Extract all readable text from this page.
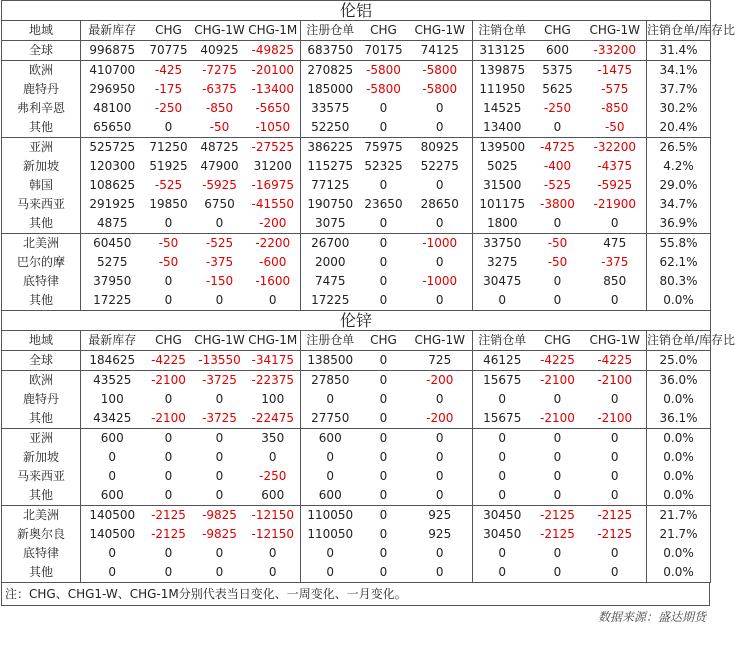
伦铝											
地域	最新库存	CHG	CHG-1W	CHG-1M	注册仓单	CHG	CHG-1W	注销仓单	CHG	CHG-1W	注销仓单/库存比
全球	996875	70775	40925	-49825	683750	70175	74125	313125	600	-33200	31.4%
欧洲	410700	-425	-7275	-20100	270825	-5800	-5800	139875	5375	-1475	34.1%
鹿特丹	296950	-175	-6375	-13400	185000	-5800	-5800	111950	5625	-575	37.7%
弗利辛恩	48100	-250	-850	-5650	33575	0	0	14525	-250	-850	30.2%
其他	65650	0	-50	-1050	52250	0	0	13400	0	-50	20.4%
亚洲	525725	71250	48725	-27525	386225	75975	80925	139500	-4725	-32200	26.5%
新加坡	120300	51925	47900	31200	115275	52325	52275	5025	-400	-4375	4.2%
韩国	108625	-525	-5925	-16975	77125	0	0	31500	-525	-5925	29.0%
马来西亚	291925	19850	6750	-41550	190750	23650	28650	101175	-3800	-21900	34.7%
其他	4875	0	0	-200	3075	0	0	1800	0	0	36.9%
北美洲	60450	-50	-525	-2200	26700	0	-1000	33750	-50	475	55.8%
巴尔的摩	5275	-50	-375	-600	2000	0	0	3275	-50	-375	62.1%
底特律	37950	0	-150	-1600	7475	0	-1000	30475	0	850	80.3%
其他	17225	0	0	0	17225	0	0	0	0	0	0.0%
伦锌											
地域	最新库存	CHG	CHG-1W	CHG-1M	注册仓单	CHG	CHG-1W	注销仓单	CHG	CHG-1W	注销仓单/库存比
全球	184625	-4225	-13550	-34175	138500	0	725	46125	-4225	-4225	25.0%
欧洲	43525	-2100	-3725	-22375	27850	0	-200	15675	-2100	-2100	36.0%
鹿特丹	100	0	0	100	0	0	0	0	0	0	0.0%
其他	43425	-2100	-3725	-22475	27750	0	-200	15675	-2100	-2100	36.1%
亚洲	600	0	0	350	600	0	0	0	0	0	0.0%
新加坡	0	0	0	0	0	0	0	0	0	0	0.0%
马来西亚	0	0	0	-250	0	0	0	0	0	0	0.0%
其他	600	0	0	600	600	0	0	0	0	0	0.0%
北美洲	140500	-2125	-9825	-12150	110050	0	925	30450	-2125	-2125	21.7%
新奥尔良	140500	-2125	-9825	-12150	110050	0	925	30450	-2125	-2125	21.7%
底特律	0	0	0	0	0	0	0	0	0	0	0.0%
其他	0	0	0	0	0	0	0	0	0	0	0.0%
注：CHG、CHG1-W、CHG-1M分别代表当日变化、一周变化、一月变化。
数据来源：盛达期货
